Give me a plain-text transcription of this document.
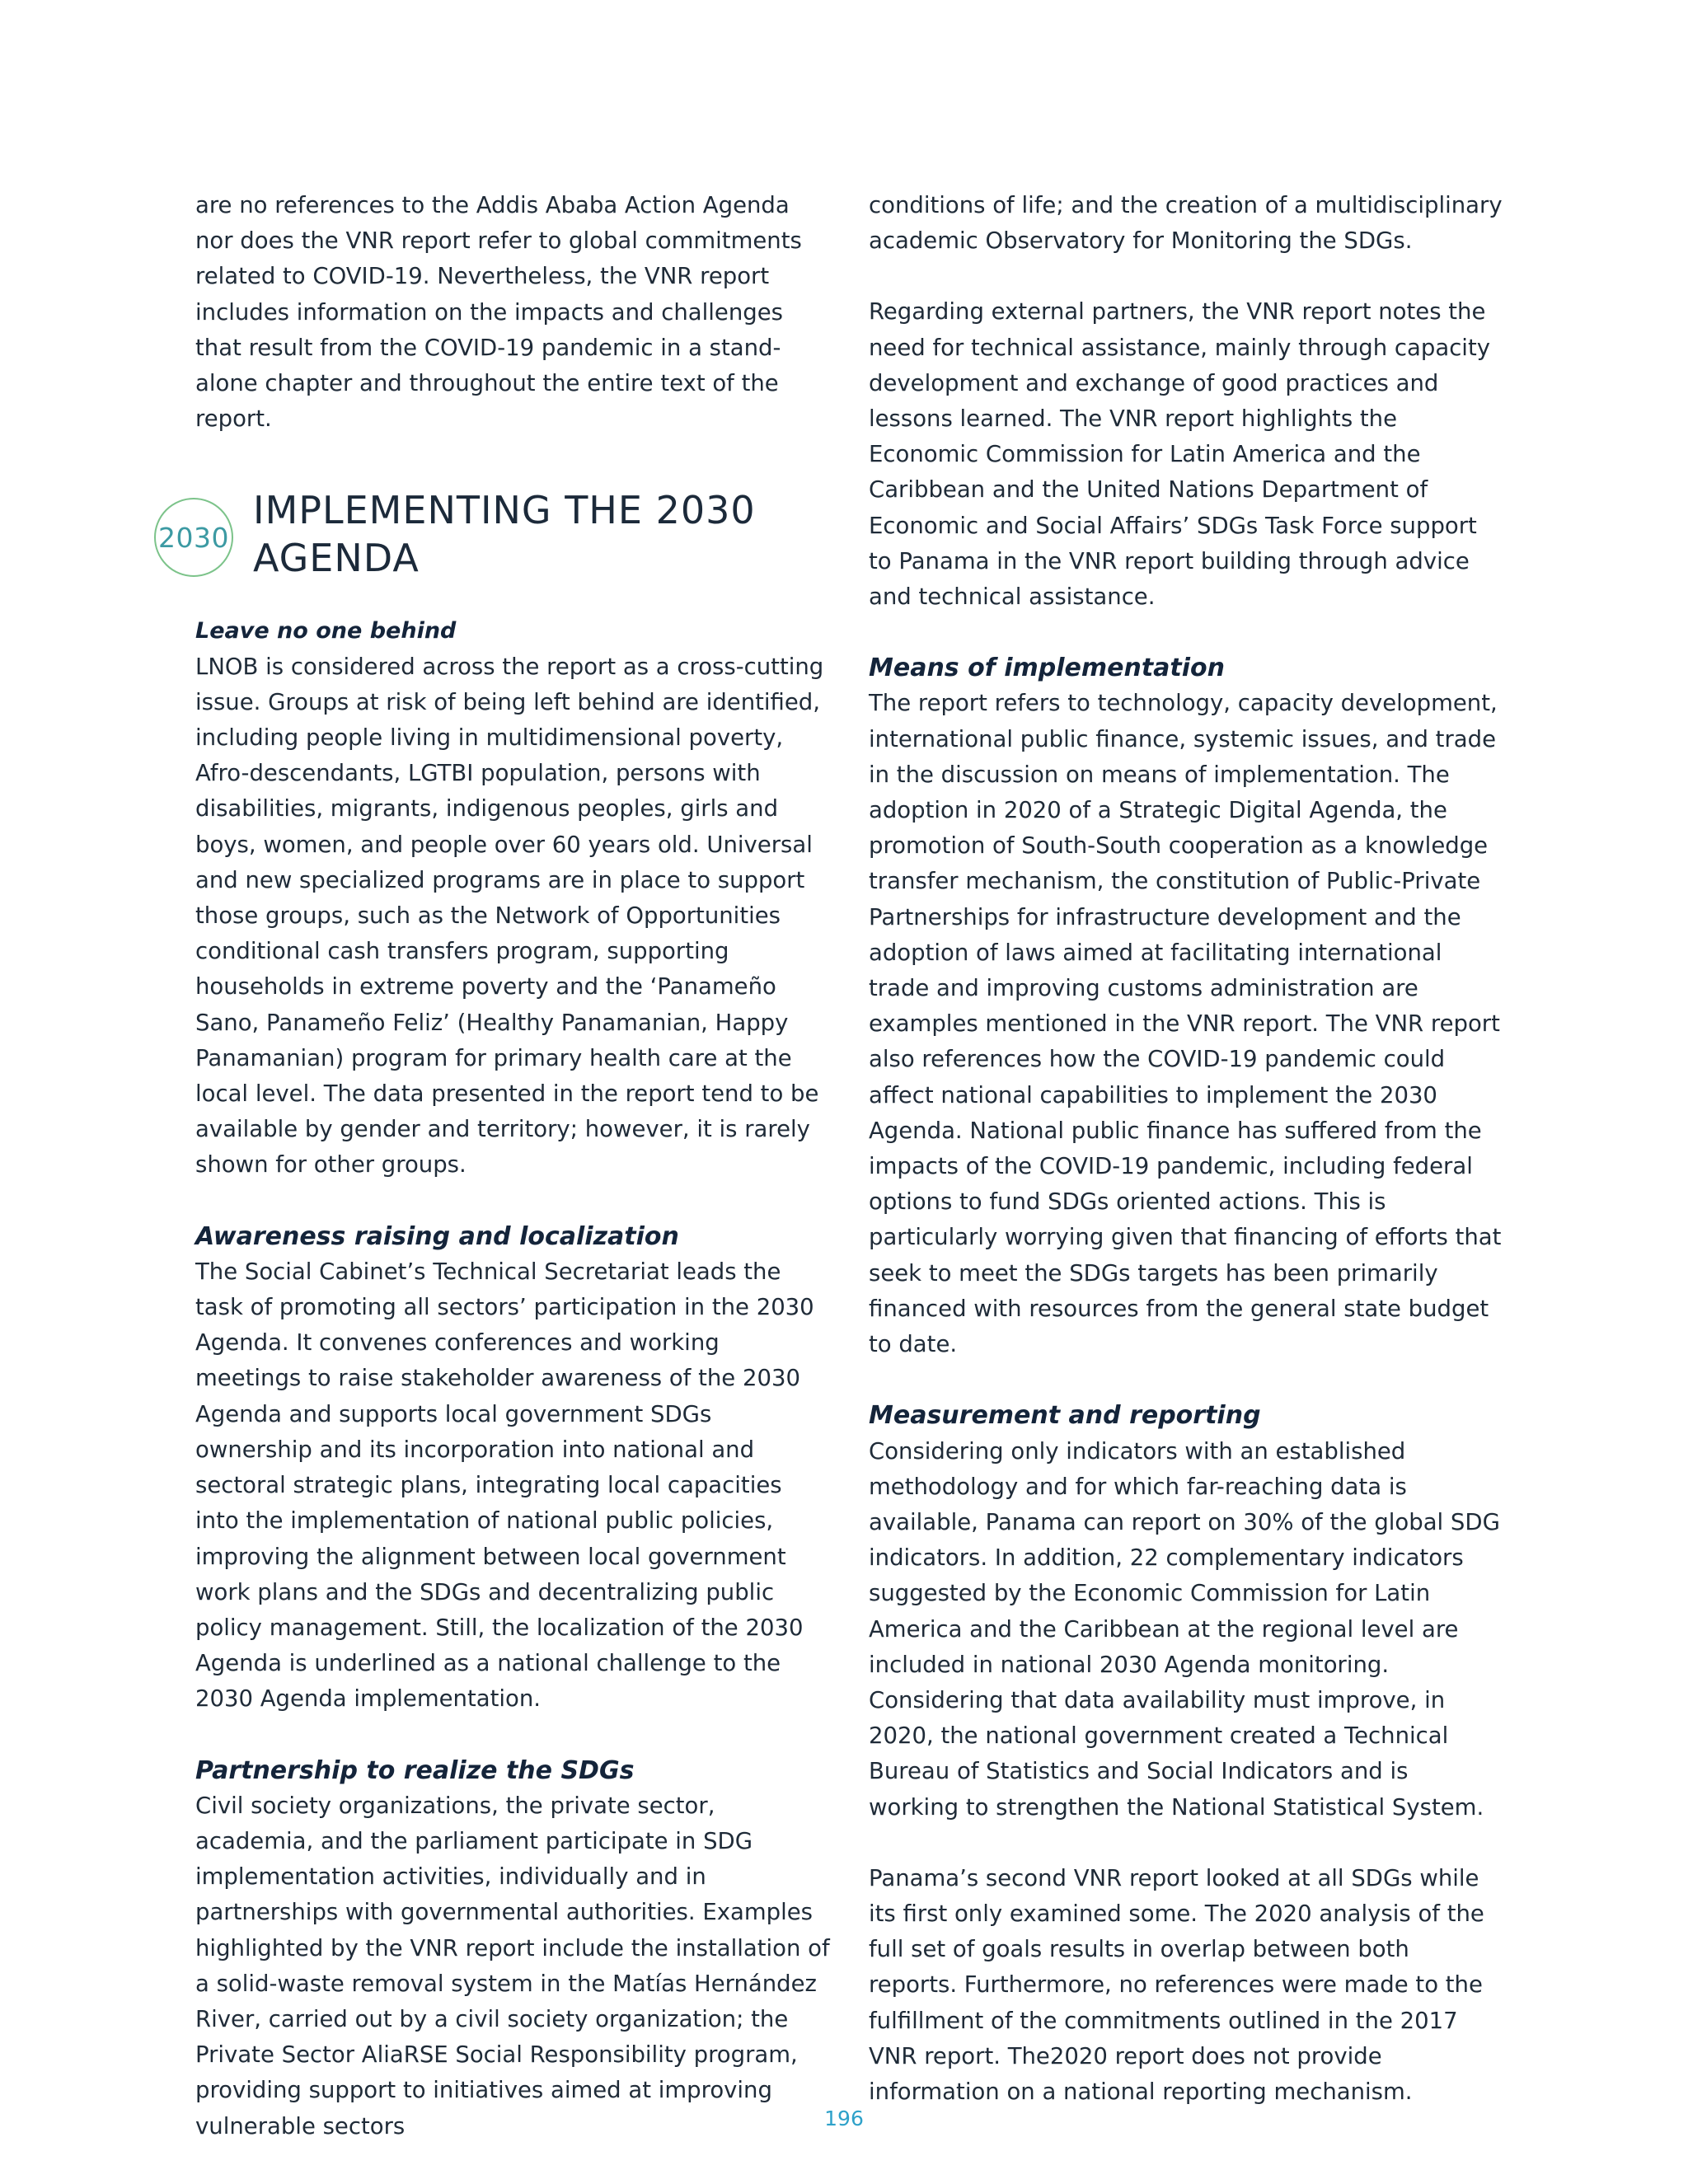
are no references to the Addis Ababa Action Agenda nor does the VNR report refer to global commitments related to COVID-19. Nevertheless, the VNR report includes information on the impacts and challenges that result from the COVID-19 pandemic in a stand-alone chapter and throughout the entire text of the report.

2030
IMPLEMENTING THE 2030 AGENDA
Leave no one behind

LNOB is considered across the report as a cross-cutting issue. Groups at risk of being left behind are identified, including people living in multidimensional poverty, Afro-descendants, LGTBI population, persons with disabilities, migrants, indigenous peoples, girls and boys, women, and people over 60 years old. Universal and new specialized programs are in place to support those groups, such as the Network of Opportunities conditional cash transfers program, supporting households in extreme poverty and the ‘Panameño Sano, Panameño Feliz’ (Healthy Panamanian, Happy Panamanian) program for primary health care at the local level. The data presented in the report tend to be available by gender and territory; however, it is rarely shown for other groups.

Awareness raising and localization

The Social Cabinet’s Technical Secretariat leads the task of promoting all sectors’ participation in the 2030 Agenda. It convenes conferences and working meetings to raise stakeholder awareness of the 2030 Agenda and supports local government SDGs ownership and its incorporation into national and sectoral strategic plans, integrating local capacities into the implementation of national public policies, improving the alignment between local government work plans and the SDGs and decentralizing public policy management. Still, the localization of the 2030 Agenda is underlined as a national challenge to the 2030 Agenda implementation.

Partnership to realize the SDGs

Civil society organizations, the private sector, academia, and the parliament participate in SDG implementation activities, individually and in partnerships with governmental authorities. Examples highlighted by the VNR report include the installation of a solid-waste removal system in the Matías Hernández River, carried out by a civil society organization; the Private Sector AliaRSE Social Responsibility program, providing support to initiatives aimed at improving vulnerable sectors

conditions of life; and the creation of a multidisciplinary academic Observatory for Monitoring the SDGs.

Regarding external partners, the VNR report notes the need for technical assistance, mainly through capacity development and exchange of good practices and lessons learned. The VNR report highlights the Economic Commission for Latin America and the Caribbean and the United Nations Department of Economic and Social Affairs’ SDGs Task Force support to Panama in the VNR report building through advice and technical assistance.

Means of implementation

The report refers to technology, capacity development, international public finance, systemic issues, and trade in the discussion on means of implementation. The adoption in 2020 of a Strategic Digital Agenda, the promotion of South-South cooperation as a knowledge transfer mechanism, the constitution of Public-Private Partnerships for infrastructure development and the adoption of laws aimed at facilitating international trade and improving customs administration are examples mentioned in the VNR report. The VNR report also references how the COVID-19 pandemic could affect national capabilities to implement the 2030 Agenda. National public finance has suffered from the impacts of the COVID-19 pandemic, including federal options to fund SDGs oriented actions. This is particularly worrying given that financing of efforts that seek to meet the SDGs targets has been primarily financed with resources from the general state budget to date.

Measurement and reporting

Considering only indicators with an established methodology and for which far-reaching data is available, Panama can report on 30% of the global SDG indicators. In addition, 22 complementary indicators suggested by the Economic Commission for Latin America and the Caribbean at the regional level are included in national 2030 Agenda monitoring. Considering that data availability must improve, in 2020, the national government created a Technical Bureau of Statistics and Social Indicators and is working to strengthen the National Statistical System.

Panama’s second VNR report looked at all SDGs while its first only examined some. The 2020 analysis of the full set of goals results in overlap between both reports. Furthermore, no references were made to the fulfillment of the commitments outlined in the 2017 VNR report. The2020 report does not provide information on a national reporting mechanism.

196
